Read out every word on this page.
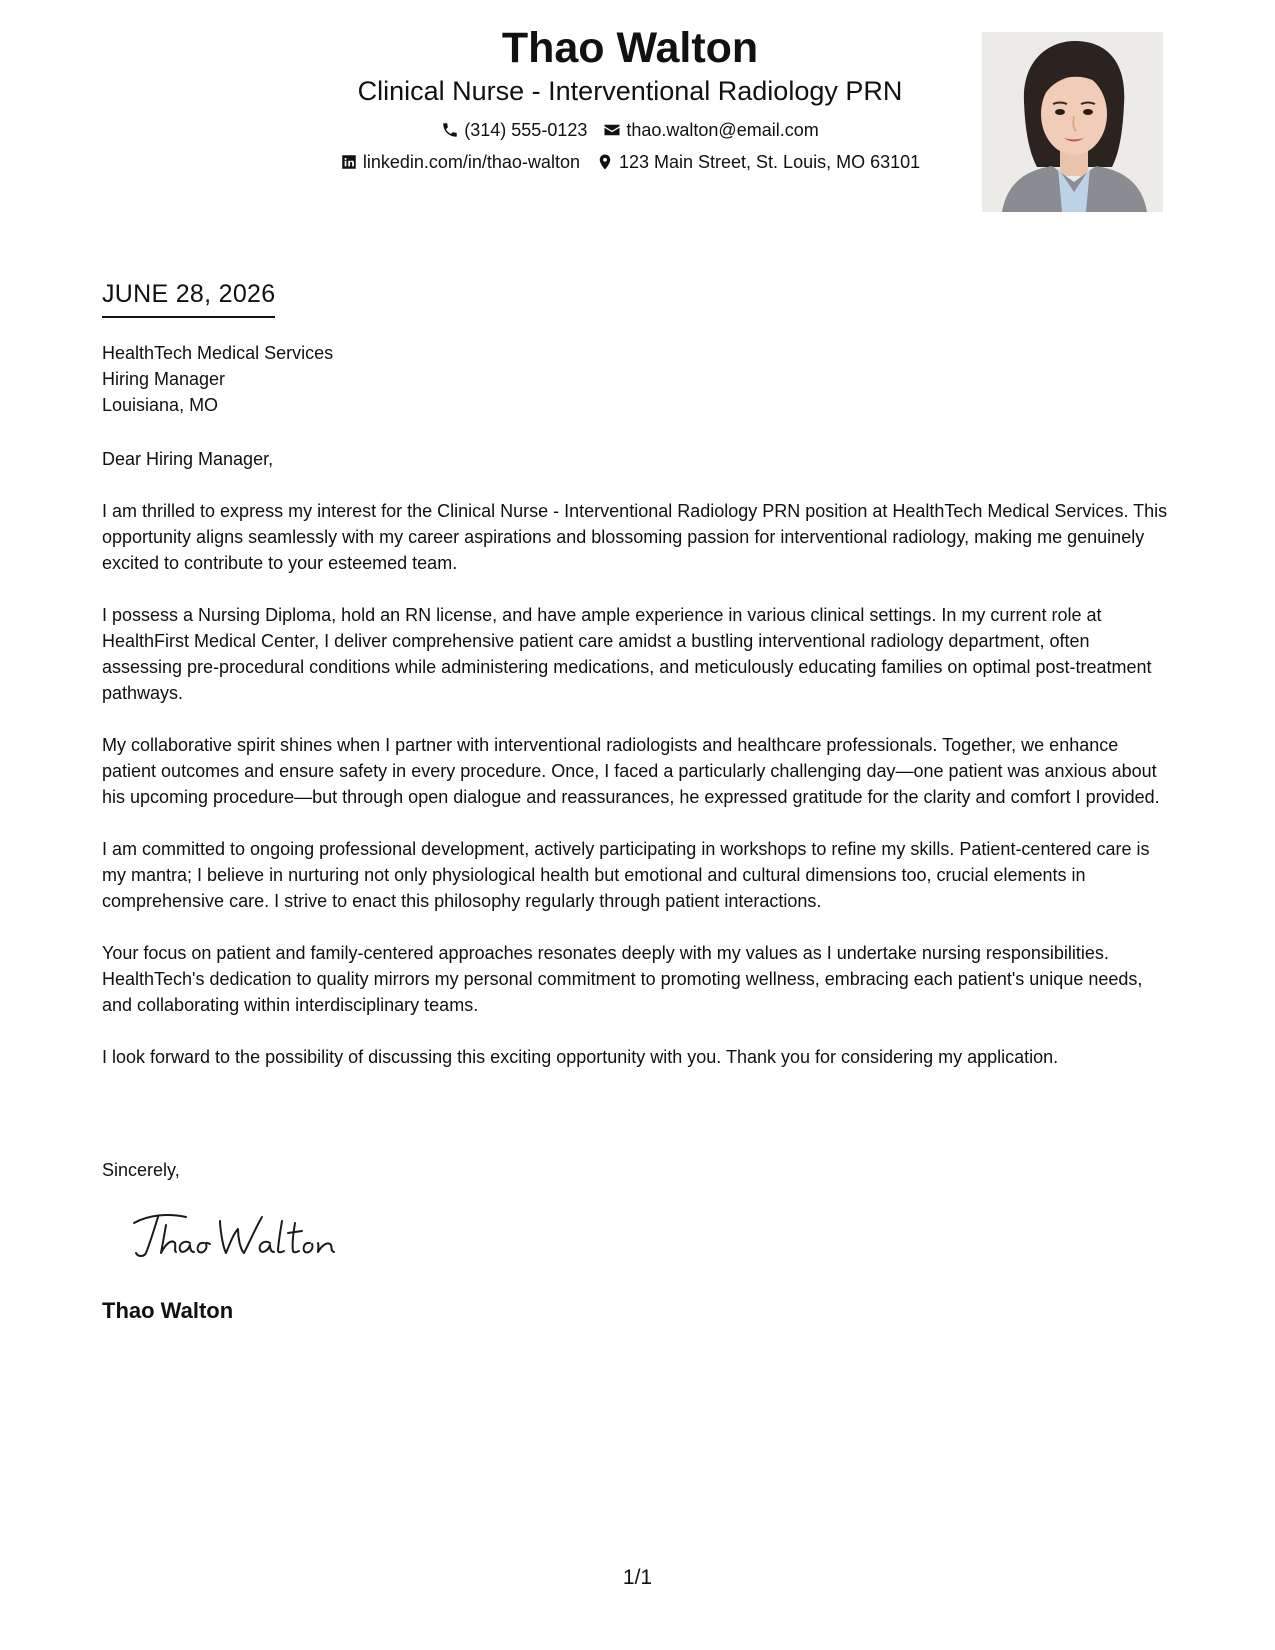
Thao Walton
Clinical Nurse - Interventional Radiology PRN
(314) 555-0123 thao.walton@email.com
linkedin.com/in/thao-walton 123 Main Street, St. Louis, MO 63101
JUNE 28, 2026
HealthTech Medical Services
Hiring Manager
Louisiana, MO

Dear Hiring Manager,

I am thrilled to express my interest for the Clinical Nurse - Interventional Radiology PRN position at HealthTech Medical Services. This opportunity aligns seamlessly with my career aspirations and blossoming passion for interventional radiology, making me genuinely excited to contribute to your esteemed team.

I possess a Nursing Diploma, hold an RN license, and have ample experience in various clinical settings. In my current role at HealthFirst Medical Center, I deliver comprehensive patient care amidst a bustling interventional radiology department, often assessing pre-procedural conditions while administering medications, and meticulously educating families on optimal post-treatment pathways.

My collaborative spirit shines when I partner with interventional radiologists and healthcare professionals. Together, we enhance patient outcomes and ensure safety in every procedure. Once, I faced a particularly challenging day—one patient was anxious about his upcoming procedure—but through open dialogue and reassurances, he expressed gratitude for the clarity and comfort I provided.

I am committed to ongoing professional development, actively participating in workshops to refine my skills. Patient-centered care is my mantra; I believe in nurturing not only physiological health but emotional and cultural dimensions too, crucial elements in comprehensive care. I strive to enact this philosophy regularly through patient interactions.

Your focus on patient and family-centered approaches resonates deeply with my values as I undertake nursing responsibilities. HealthTech's dedication to quality mirrors my personal commitment to promoting wellness, embracing each patient's unique needs, and collaborating within interdisciplinary teams.

I look forward to the possibility of discussing this exciting opportunity with you. Thank you for considering my application.

Sincerely,
Thao Walton
1/1
